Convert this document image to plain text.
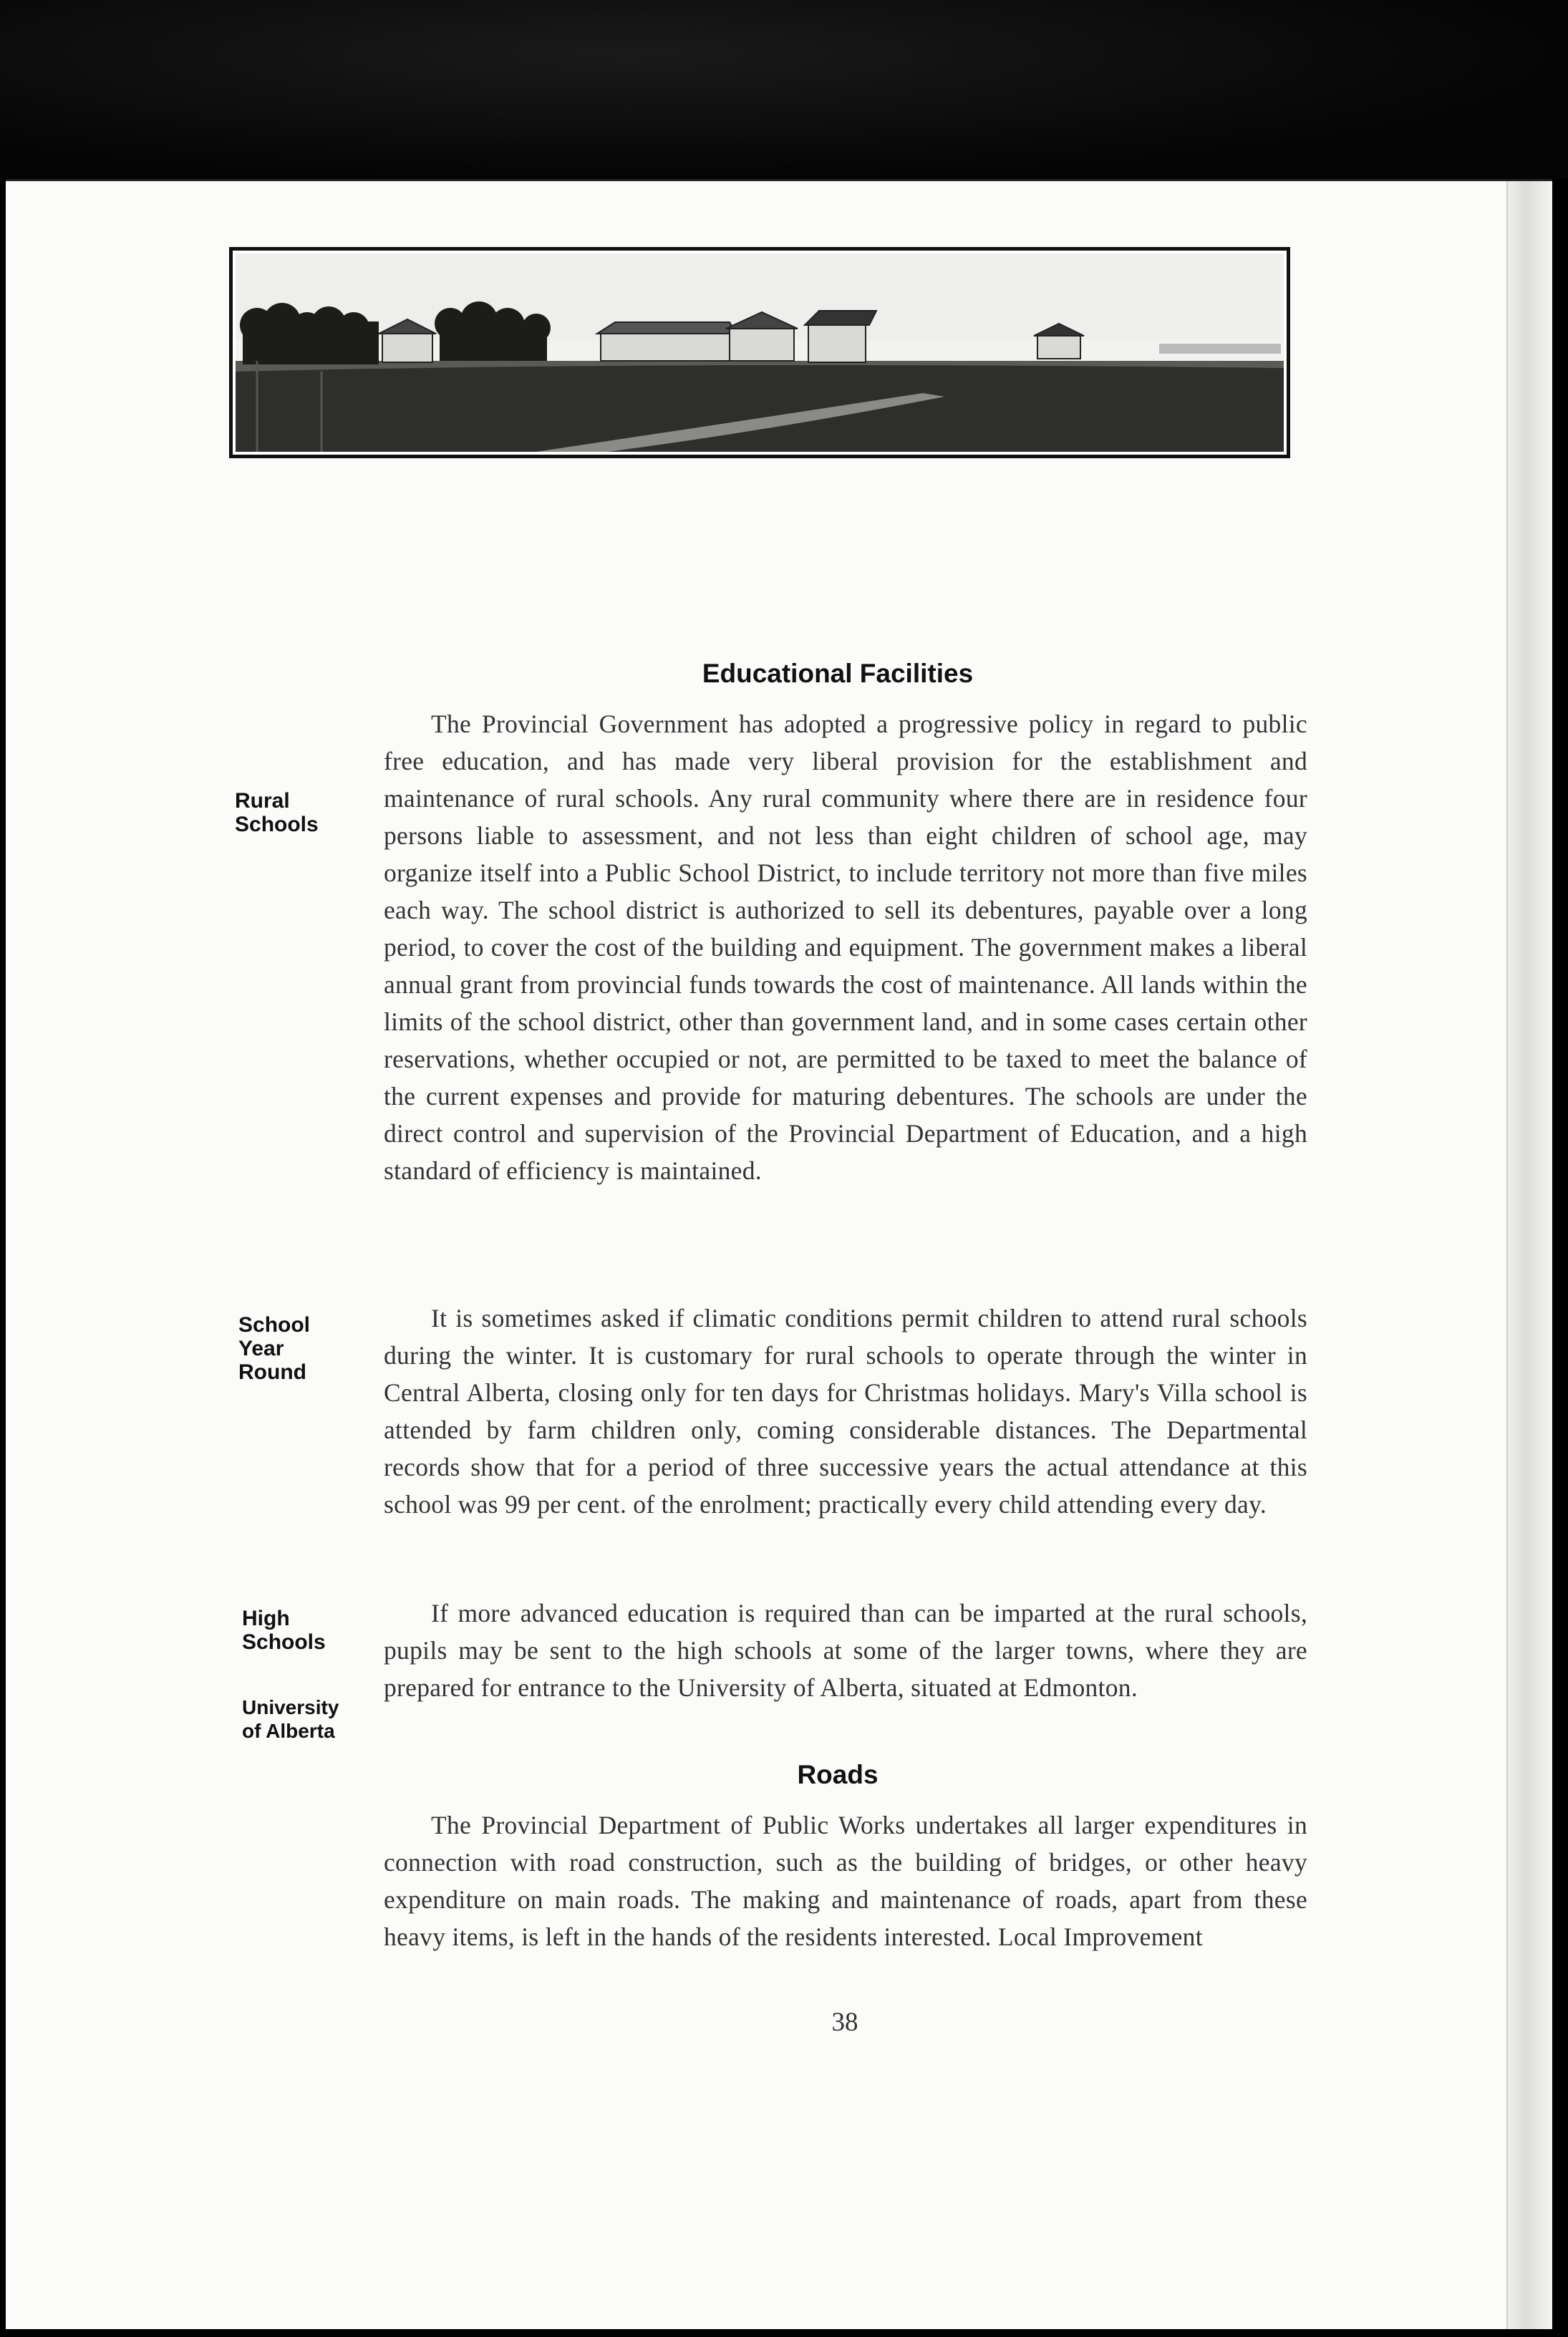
Educational Facilities
Rural
Schools
School
Year
Round
High
Schools
University
of Alberta

The Provincial Government has adopted a progressive policy in regard to public free education, and has made very liberal provision for the establishment and maintenance of rural schools. Any rural community where there are in residence four persons liable to assessment, and not less than eight children of school age, may organize itself into a Public School District, to include territory not more than five miles each way. The school district is authorized to sell its debentures, payable over a long period, to cover the cost of the building and equipment. The government makes a liberal annual grant from provincial funds towards the cost of maintenance. All lands within the limits of the school district, other than government land, and in some cases certain other reservations, whether occupied or not, are permitted to be taxed to meet the balance of the current expenses and provide for maturing debentures. The schools are under the direct control and supervision of the Provincial Department of Education, and a high standard of efficiency is maintained.

It is sometimes asked if climatic conditions permit children to attend rural schools during the winter. It is customary for rural schools to operate through the winter in Central Alberta, closing only for ten days for Christmas holidays. Mary's Villa school is attended by farm children only, coming considerable distances. The Departmental records show that for a period of three successive years the actual attendance at this school was 99 per cent. of the enrolment; practically every child attending every day.

If more advanced education is required than can be imparted at the rural schools, pupils may be sent to the high schools at some of the larger towns, where they are prepared for entrance to the University of Alberta, situated at Edmonton.

Roads

The Provincial Department of Public Works undertakes all larger expenditures in connection with road construction, such as the building of bridges, or other heavy expenditure on main roads. The making and maintenance of roads, apart from these heavy items, is left in the hands of the residents interested. Local Improvement

38
